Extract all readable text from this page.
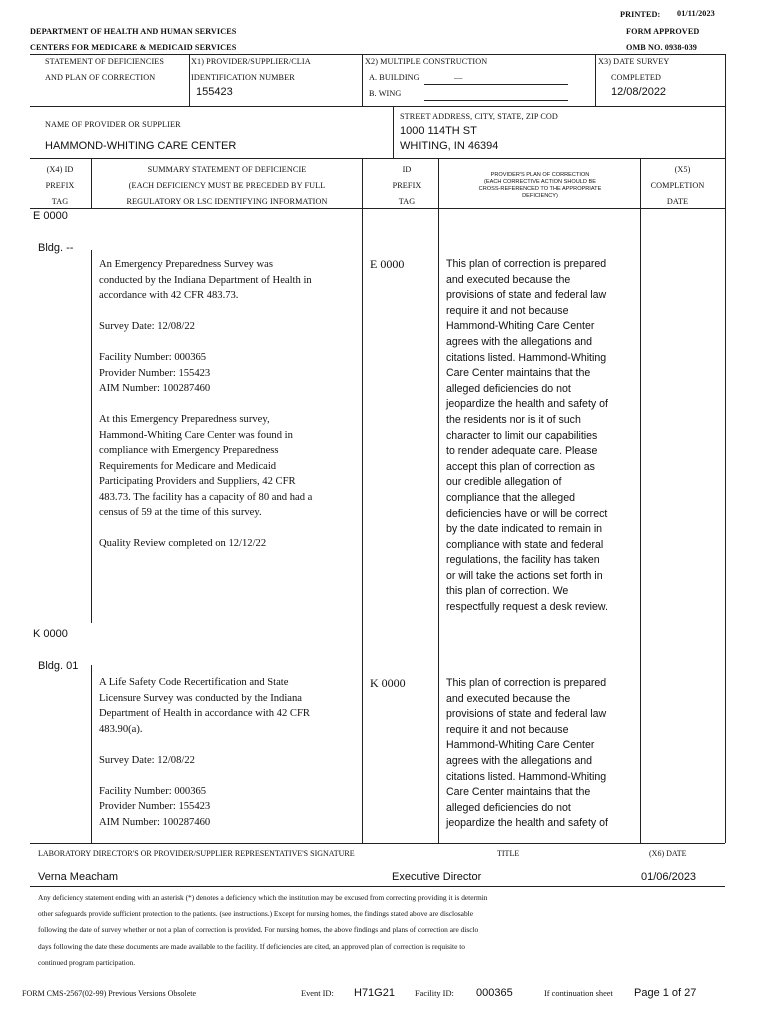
PRINTED: 01/11/2023
DEPARTMENT OF HEALTH AND HUMAN SERVICES	FORM APPROVED
CENTERS FOR MEDICARE & MEDICAID SERVICES	OMB NO. 0938-039
STATEMENT OF DEFICIENCIES
AND PLAN OF CORRECTION
X1) PROVIDER/SUPPLIER/CLIA
IDENTIFICATION NUMBER
155423
X2) MULTIPLE CONSTRUCTION
A. BUILDING	__
B. WING
X3) DATE SURVEY
COMPLETED
12/08/2022
NAME OF PROVIDER OR SUPPLIER
HAMMOND-WHITING CARE CENTER
STREET ADDRESS, CITY, STATE, ZIP COD
1000 114TH ST
WHITING, IN 46394
(X4) ID
PREFIX
TAG
SUMMARY STATEMENT OF DEFICIENCIE
(EACH DEFICIENCY MUST BE PRECEDED BY FULL
REGULATORY OR LSC IDENTIFYING INFORMATION
ID
PREFIX
TAG
PROVIDER'S PLAN OF CORRECTION
(EACH CORRECTIVE ACTION SHOULD BE
CROSS-REFERENCED TO THE APPROPRIATE
DEFICIENCY)
(X5)
COMPLETION
DATE
E 0000
Bldg. --

An Emergency Preparedness Survey was
conducted by the Indiana Department of Health in
accordance with 42 CFR 483.73.

Survey Date: 12/08/22

Facility Number: 000365
Provider Number: 155423
AIM Number: 100287460

At this Emergency Preparedness survey,
Hammond-Whiting Care Center was found in
compliance with Emergency Preparedness
Requirements for Medicare and Medicaid
Participating Providers and Suppliers, 42 CFR
483.73. The facility has a capacity of 80 and had a
census of 59 at the time of this survey.

Quality Review completed on 12/12/22

E 0000	This plan of correction is prepared
and executed because the
provisions of state and federal law
require it and not because
Hammond-Whiting Care Center
agrees with the allegations and
citations listed. Hammond-Whiting
Care Center maintains that the
alleged deficiencies do not
jeopardize the health and safety of
the residents nor is it of such
character to limit our capabilities
to render adequate care. Please
accept this plan of correction as
our credible allegation of
compliance that the alleged
deficiencies have or will be correct
by the date indicated to remain in
compliance with state and federal
regulations, the facility has taken
or will take the actions set forth in
this plan of correction. We
respectfully request a desk review.

K 0000
Bldg. 01

A Life Safety Code Recertification and State
Licensure Survey was conducted by the Indiana
Department of Health in accordance with 42 CFR
483.90(a).

Survey Date: 12/08/22

Facility Number: 000365
Provider Number: 155423
AIM Number: 100287460

K 0000	This plan of correction is prepared
and executed because the
provisions of state and federal law
require it and not because
Hammond-Whiting Care Center
agrees with the allegations and
citations listed. Hammond-Whiting
Care Center maintains that the
alleged deficiencies do not
jeopardize the health and safety of

LABORATORY DIRECTOR'S OR PROVIDER/SUPPLIER REPRESENTATIVE'S SIGNATURE	TITLE	(X6) DATE
Verna Meacham	Executive Director	01/06/2023

Any deficiency statement ending with an asterisk (*) denotes a deficiency which the institution may be excused from correcting providing it is determin
other safeguards provide sufficient protection to the patients. (see instructions.) Except for nursing homes, the findings stated above are disclosable
following the date of survey whether or not a plan of correction is provided. For nursing homes, the above findings and plans of correction are disclo
days following the date these documents are made available to the facility. If deficiencies are cited, an approved plan of correction is requisite to
continued program participation.

FORM CMS-2567(02-99) Previous Versions Obsolete	Event ID: H71G21 Facility ID: 000365	If continuation sheet Page 1 of 27
